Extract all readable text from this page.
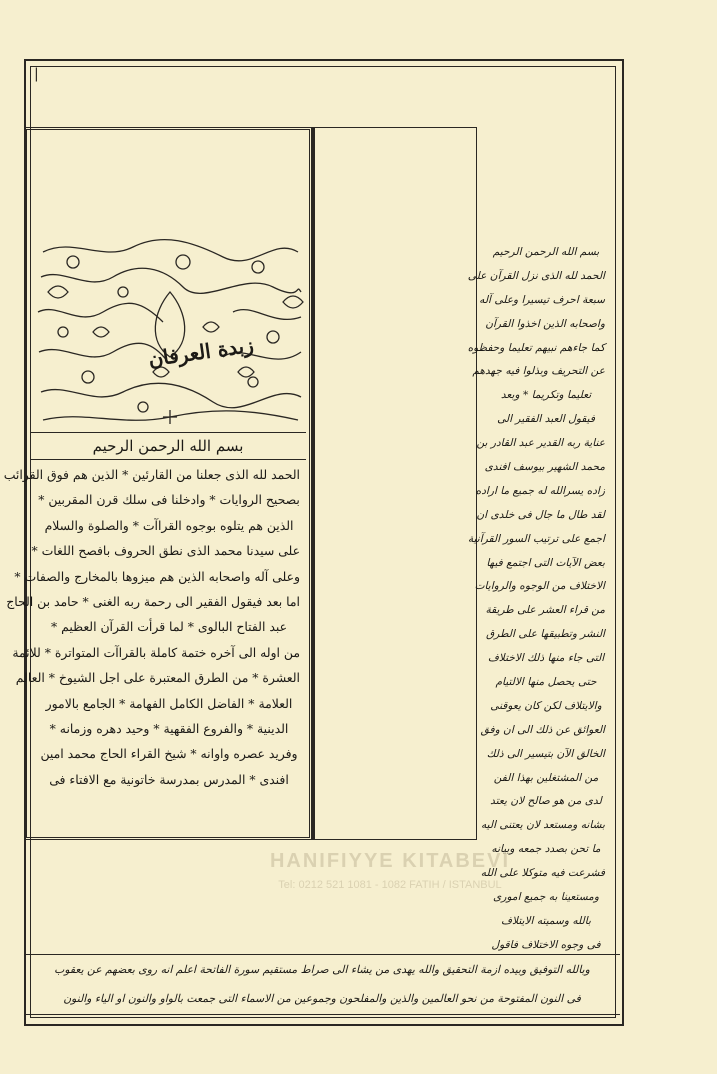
|
زبدة العرفان
بسم الله الرحمن الرحيم
الحمد لله الذى جعلنا من القارئين * الذين هم فوق القرائب
بصحيح الروايات * وادخلنا فى سلك قرن المقربين *
الذين هم يتلوه بوجوه القراآت * والصلوة والسلام
على سيدنا محمد الذى نطق الحروف بافصح اللغات *
وعلى آله واصحابه الذين هم ميزوها بالمخارج والصفات *
اما بعد فيقول الفقير الى رحمة ربه الغنى * حامد بن الحاج
عبد الفتاح البالوى * لما قرأت القرآن العظيم *
من اوله الى آخره ختمة كاملة بالقراآت المتواترة * للائمة
العشرة * من الطرق المعتبرة على اجل الشيوخ * العالم
العلامة * الفاضل الكامل الفهامة * الجامع بالامور
الدينية * والفروع الفقهية * وحيد دهره وزمانه *
وفريد عصره واوانه * شيخ القراء الحاج محمد امين
افندى * المدرس بمدرسة خاتونية مع الافتاء فى
بسم الله الرحمن الرحيم
الحمد لله الذى نزل القرآن على
سبعة احرف تيسيرا وعلى آله
واصحابه الذين اخذوا القرآن
كما جاءهم نبيهم تعليما وحفظوه
عن التحريف وبذلوا فيه جهدهم
تعليما وتكريما * وبعد
فيقول العبد الفقير الى
عناية ربه القدير عبد القادر بن
محمد الشهير بيوسف افندى
زاده يسرالله له جميع ما اراده
لقد طال ما جال فى خلدى ان
اجمع على ترتيب السور القرآنية
بعض الآيات التى اجتمع فيها
الاختلاف من الوجوه والروايات
من قراء العشر على طريقة
النشر وتطبيقها على الطرق
التى جاء منها ذلك الاختلاف
حتى يحصل منها الالتيام
والايتلاف لكن كان يعوقنى
العوائق عن ذلك الى ان وفق
الخالق الآن بتيسير الى ذلك
من المشتغلين بهذا الفن
لدى من هو صالح لان يعتد
بشانه ومستعد لان يعتنى اليه
ما تحن بصدد جمعه وبيانه
فشرعت فيه متوكلا على الله
ومستعينا به جميع امورى
بالله وسميته الايتلاف
فى وجوه الاختلاف فاقول
HANIFIYYE KITABEVI
Tel: 0212 521 1081 - 1082 FATIH / ISTANBUL
وبالله التوفيق وبيده ازمة التحقيق والله يهدى من يشاء الى صراط مستقيم سورة الفاتحة اعلم انه روى بعضهم عن يعقوب
فى النون المفتوحة من نحو العالمين والذين والمفلحون وجموعين من الاسماء التى جمعت بالواو والنون او الياء والنون
